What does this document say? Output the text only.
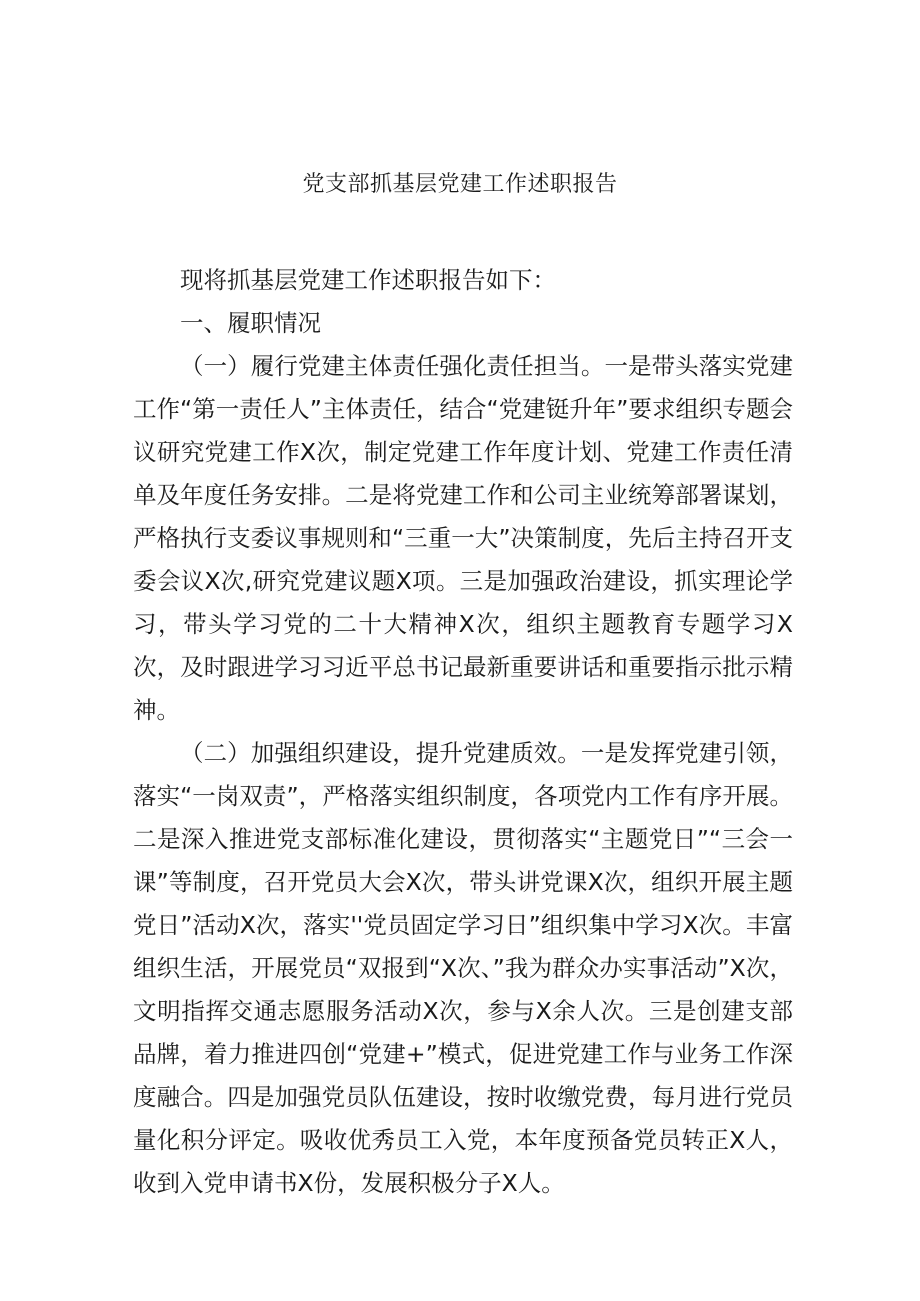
党支部抓基层党建工作述职报告

现将抓基层党建工作述职报告如下：

一、履职情况

（一）履行党建主体责任强化责任担当。一是带头落实党建工作“第一责任人”主体责任，结合“党建铤升年”要求组织专题会议研究党建工作X次，制定党建工作年度计划、党建工作责任清单及年度任务安排。二是将党建工作和公司主业统筹部署谋划，严格执行支委议事规则和“三重一大”决策制度，先后主持召开支委会议X次,研究党建议题X项。三是加强政治建设，抓实理论学习，带头学习党的二十大精神X次，组织主题教育专题学习X次，及时跟进学习习近平总书记最新重要讲话和重要指示批示精神。

（二）加强组织建设，提升党建质效。一是发挥党建引领，落实“一岗双责”，严格落实组织制度，各项党内工作有序开展。二是深入推进党支部标准化建设，贯彻落实“主题党日”“三会一课”等制度，召开党员大会X次，带头讲党课X次，组织开展主题党日”活动X次，落实''党员固定学习日”组织集中学习X次。丰富组织生活，开展党员“双报到“X次、”我为群众办实事活动”X次，文明指挥交通志愿服务活动X次，参与X余人次。三是创建支部品牌，着力推进四创“党建+”模式，促进党建工作与业务工作深度融合。四是加强党员队伍建设，按时收缴党费，每月进行党员量化积分评定。吸收优秀员工入党，本年度预备党员转正X人，收到入党申请书X份，发展积极分子X人。
